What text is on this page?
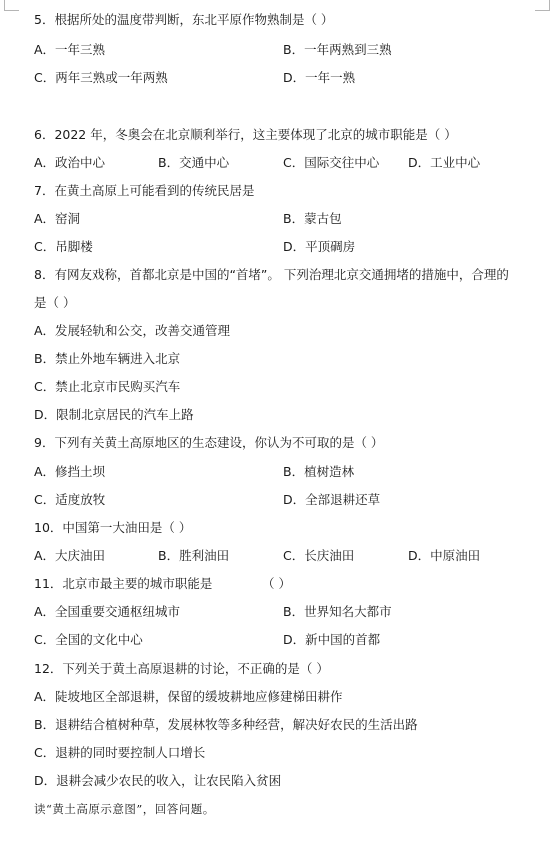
5．根据所处的温度带判断，东北平原作物熟制是（ ）
A．一年三熟	B．一年两熟到三熟
C．两年三熟或一年两熟	D．一年一熟
6．2022 年，冬奥会在北京顺利举行，这主要体现了北京的城市职能是（ ）
A．政治中心	B．交通中心	C．国际交往中心 D．工业中心
7．在黄土高原上可能看到的传统民居是
A．窑洞	B．蒙古包
C．吊脚楼	D．平顶碉房
8．有网友戏称，首都北京是中国的“首堵”。 下列治理北京交通拥堵的措施中，合理的
是（ ）
A．发展轻轨和公交，改善交通管理
B．禁止外地车辆进入北京
C．禁止北京市民购买汽车
D．限制北京居民的汽车上路
9．下列有关黄土高原地区的生态建设，你认为不可取的是（ ）
A．修挡土坝	B．植树造林
C．适度放牧	D．全部退耕还草
10．中国第一大油田是（ ）
A．大庆油田	B．胜利油田	C．长庆油田	D．中原油田
11．北京市最主要的城市职能是	（ ）
A．全国重要交通枢纽城市	B．世界知名大都市
C．全国的文化中心	D．新中国的首都
12．下列关于黄土高原退耕的讨论，不正确的是（ ）
A．陡坡地区全部退耕，保留的缓坡耕地应修建梯田耕作
B．退耕结合植树种草，发展林牧等多种经营，解决好农民的生活出路
C．退耕的同时要控制人口增长
D．退耕会减少农民的收入，让农民陷入贫困
读“黄土高原示意图”，回答问题。
